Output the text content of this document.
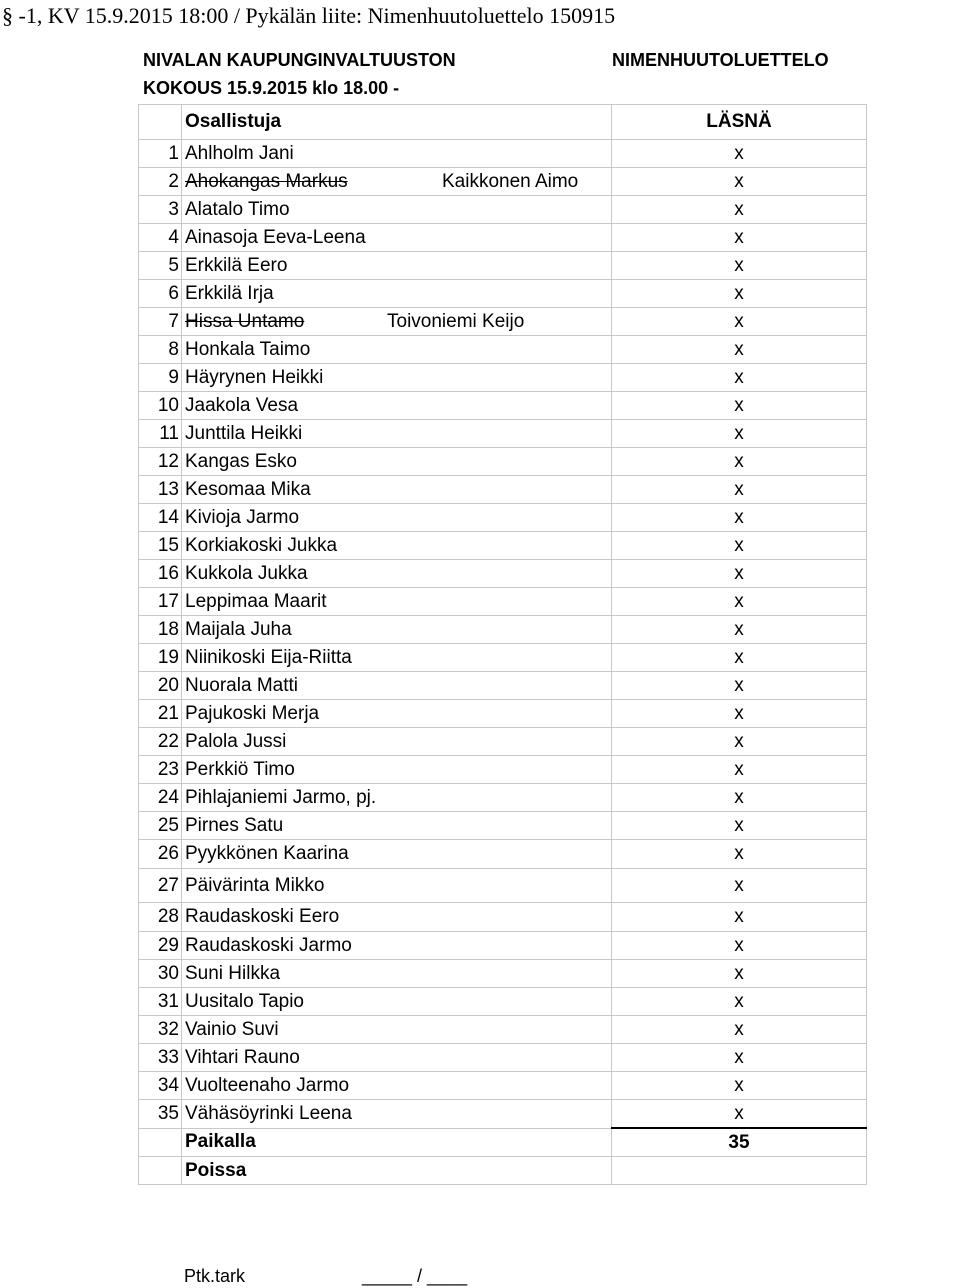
§ -1, KV 15.9.2015 18:00 / Pykälän liite: Nimenhuutoluettelo 150915
NIVALAN KAUPUNGINVALTUUSTON	NIMENHUUTOLUETTELO
KOKOUS 15.9.2015 klo 18.00 -
	Osallistuja	LÄSNÄ
1	Ahlholm Jani	x
2	Ahokangas Markus Kaikkonen Aimo	x
3	Alatalo Timo	x
4	Ainasoja Eeva-Leena	x
5	Erkkilä Eero	x
6	Erkkilä Irja	x
7	Hissa Untamo Toivoniemi Keijo	x
8	Honkala Taimo	x
9	Häyrynen Heikki	x
10	Jaakola Vesa	x
11	Junttila Heikki	x
12	Kangas Esko	x
13	Kesomaa Mika	x
14	Kivioja Jarmo	x
15	Korkiakoski Jukka	x
16	Kukkola Jukka	x
17	Leppimaa Maarit	x
18	Maijala Juha	x
19	Niinikoski Eija-Riitta	x
20	Nuorala Matti	x
21	Pajukoski Merja	x
22	Palola Jussi	x
23	Perkkiö Timo	x
24	Pihlajaniemi Jarmo, pj.	x
25	Pirnes Satu	x
26	Pyykkönen Kaarina	x
27	Päivärinta Mikko	x
28	Raudaskoski Eero	x
29	Raudaskoski Jarmo	x
30	Suni Hilkka	x
31	Uusitalo Tapio	x
32	Vainio Suvi	x
33	Vihtari Rauno	x
34	Vuolteenaho Jarmo	x
35	Vähäsöyrinki Leena	x
	Paikalla	35
	Poissa	
Ptk.tark	_____ / ____
